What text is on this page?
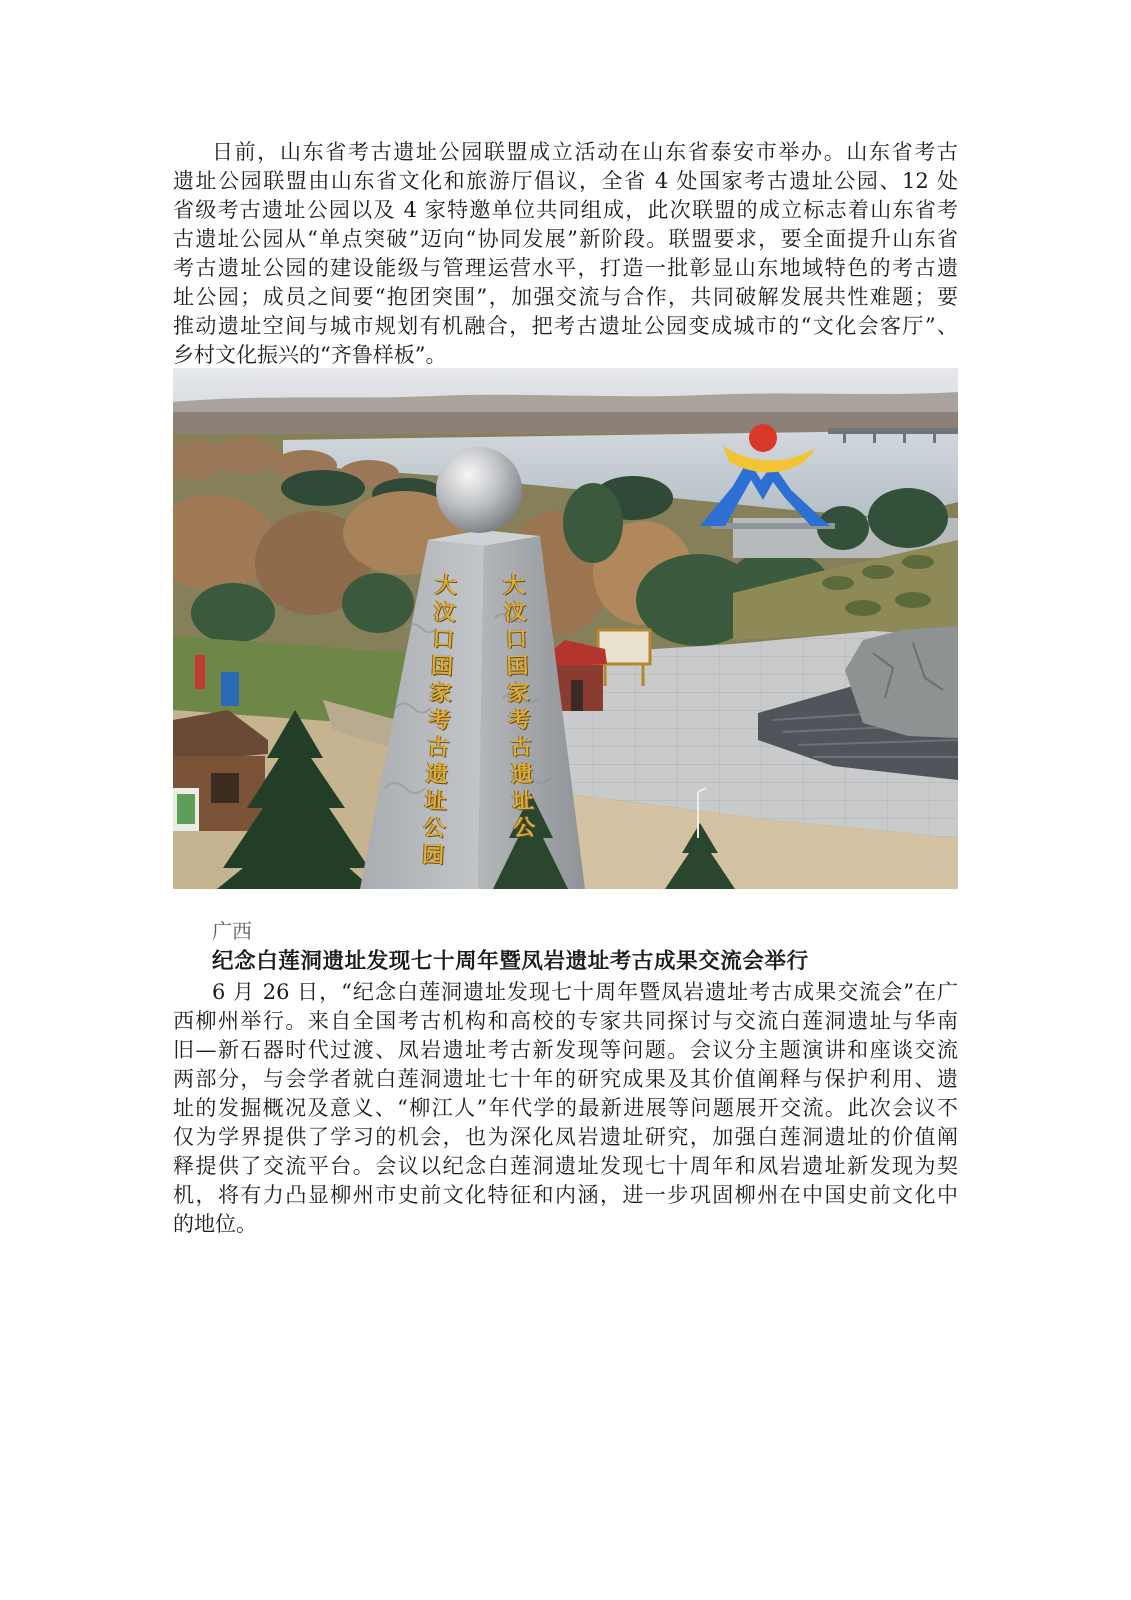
日前，山东省考古遗址公园联盟成立活动在山东省泰安市举办。山东省考古
遗址公园联盟由山东省文化和旅游厅倡议，全省 4 处国家考古遗址公园、12 处
省级考古遗址公园以及 4 家特邀单位共同组成，此次联盟的成立标志着山东省考
古遗址公园从“单点突破”迈向“协同发展”新阶段。联盟要求，要全面提升山东省
考古遗址公园的建设能级与管理运营水平，打造一批彰显山东地域特色的考古遗
址公园；成员之间要“抱团突围”，加强交流与合作，共同破解发展共性难题；要
推动遗址空间与城市规划有机融合，把考古遗址公园变成城市的“文化会客厅”、
乡村文化振兴的“齐鲁样板”。
大汶口国家考古遗址公园 大汶口国家考古遗址公
广西
纪念白莲洞遗址发现七十周年暨凤岩遗址考古成果交流会举行
6 月 26 日，“纪念白莲洞遗址发现七十周年暨凤岩遗址考古成果交流会”在广
西柳州举行。来自全国考古机构和高校的专家共同探讨与交流白莲洞遗址与华南
旧—新石器时代过渡、凤岩遗址考古新发现等问题。会议分主题演讲和座谈交流
两部分，与会学者就白莲洞遗址七十年的研究成果及其价值阐释与保护利用、遗
址的发掘概况及意义、“柳江人”年代学的最新进展等问题展开交流。此次会议不
仅为学界提供了学习的机会，也为深化凤岩遗址研究，加强白莲洞遗址的价值阐
释提供了交流平台。会议以纪念白莲洞遗址发现七十周年和凤岩遗址新发现为契
机，将有力凸显柳州市史前文化特征和内涵，进一步巩固柳州在中国史前文化中
的地位。
